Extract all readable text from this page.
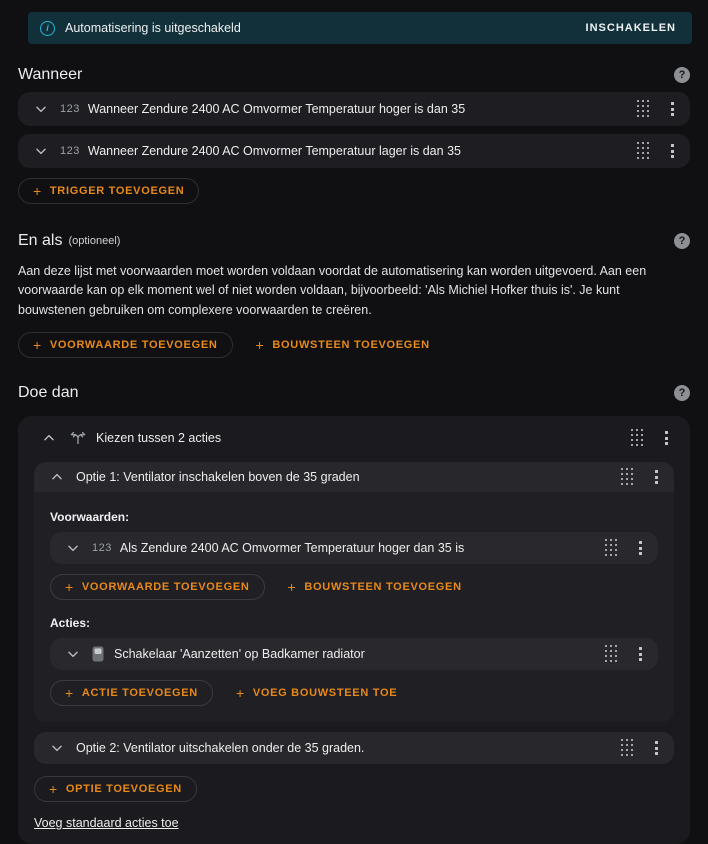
i	Automatisering is uitgeschakeld	INSCHAKELEN
Wanneer	?
123 Wanneer Zendure 2400 AC Omvormer Temperatuur hoger is dan 35
123 Wanneer Zendure 2400 AC Omvormer Temperatuur lager is dan 35
+ TRIGGER TOEVOEGEN
En als (optioneel)	?

Aan deze lijst met voorwaarden moet worden voldaan voordat de automatisering kan worden uitgevoerd. Aan een voorwaarde kan op elk moment wel of niet worden voldaan, bijvoorbeeld: 'Als Michiel Hofker thuis is'. Je kunt bouwstenen gebruiken om complexere voorwaarden te creëren.

+ VOORWAARDE TOEVOEGEN	+ BOUWSTEEN TOEVOEGEN
Doe dan	?
Kiezen tussen 2 acties
Optie 1: Ventilator inschakelen boven de 35 graden
Voorwaarden:
123 Als Zendure 2400 AC Omvormer Temperatuur hoger dan 35 is
+ VOORWAARDE TOEVOEGEN	+ BOUWSTEEN TOEVOEGEN
Acties:
Schakelaar 'Aanzetten' op Badkamer radiator
+ ACTIE TOEVOEGEN	+ VOEG BOUWSTEEN TOE
Optie 2: Ventilator uitschakelen onder de 35 graden.
+ OPTIE TOEVOEGEN
Voeg standaard acties toe
